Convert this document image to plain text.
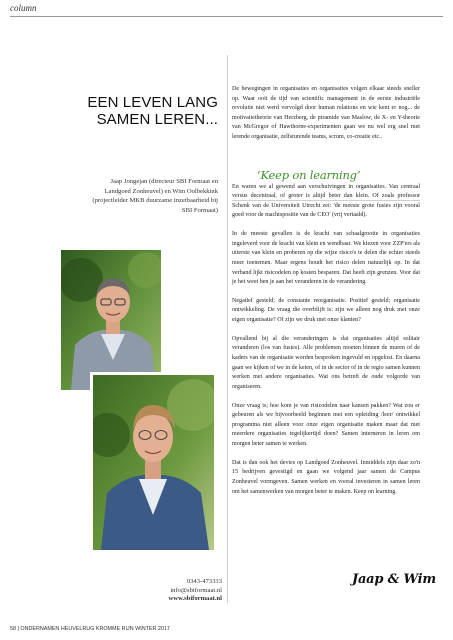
column
EEN LEVEN LANG
SAMEN LEREN...
Jaap Jongejan (directeur SBI Formaat en Landgoed Zonheuvel) en Wim Oolbekkink (projectleider MKB duurzame inzetbaarheid bij SBI Formaat)
0343-473333
info@sbiformaat.nl
www.sbiformaat.nl
‘Keep on learning’

De bewegingen in organisaties en organisaties volgen elkaar steeds sneller op. Waar ooit de tijd van scientific management in de eerste industriële revolutie niet werd vervolgd door human relations en wie kent er nog... de motivatietheorie van Herzberg, de piramide van Maslow, de X- en Y-theorie van McGregor of Hawthorne-experimenten gaan we nu wel erg snel met lerende organisatie, zelfsturende teams, scrum, co-creatie etc..

En waren we al gewend aan verschuivingen in organisaties. Van centraal versus decentraal, of groter is altijd beter dan klein. Of zoals professor Schenk van de Universiteit Utrecht zei: 'de meeste grote fusies zijn vooral goed voor de machtspositie van de CEO' (vrij vertaald).

In de meeste gevallen is de kracht van schaalgrootte in organisaties ingeleverd voor de kracht van klein en wendbaar. We kiezen voor ZZP'ers als uiterste van klein en proberen op die wijze risico's te delen die echter steeds meer toenemen. Maar ergens houdt het risico delen natuurlijk op. In dat verband lijkt risicodelen op kosten besparen. Dat heeft zijn grenzen. Voor dat je het weet ben je aan het veranderen in de verandering.

Negatief gesteld; de constante reorganisatie. Positief gesteld; organisatie ontwikkeling. De vraag die overblijft is: zijn we alleen nog druk met onze eigen organisatie? Of zijn we druk met onze klanten?

Opvallend bij al die veranderingen is dat organisaties altijd solitair veranderen (los van fusies). Alle problemen moeten binnen de muren of de kaders van de organisatie worden besproken ingevuld en opgelost. En daarna gaan we kijken of we in de keten, of in de sector of in de regio samen kunnen werken met andere organisaties. Wat ons betreft de oude volgorde van organiseren.

Onze vraag is; hoe kom je van risicodelen naar kansen pakken? Wat zou er gebeuren als we bijvoorbeeld beginnen met een opleiding /leer/ ontwikkel programma niet alleen voor onze eigen organisatie maken maar dat met meerdere organisaties tegelijkertijd doen? Samen interneren in leren om morgen beter samen te werken.

Dat is dan ook het devies op Landgoed Zonheuvel. Inmiddels zijn daar zo'n 15 bedrijven gevestigd en gaan we volgend jaar samen de Campus Zonheuvel vormgeven. Samen werken en vooral investeren in samen leren om het samenwerken van morgen beter te maken. Keep on learning.

Jaap & Wim
58 | ONDERNAMEN HEUVELRUG KROMME RIJN WINTER 2017
